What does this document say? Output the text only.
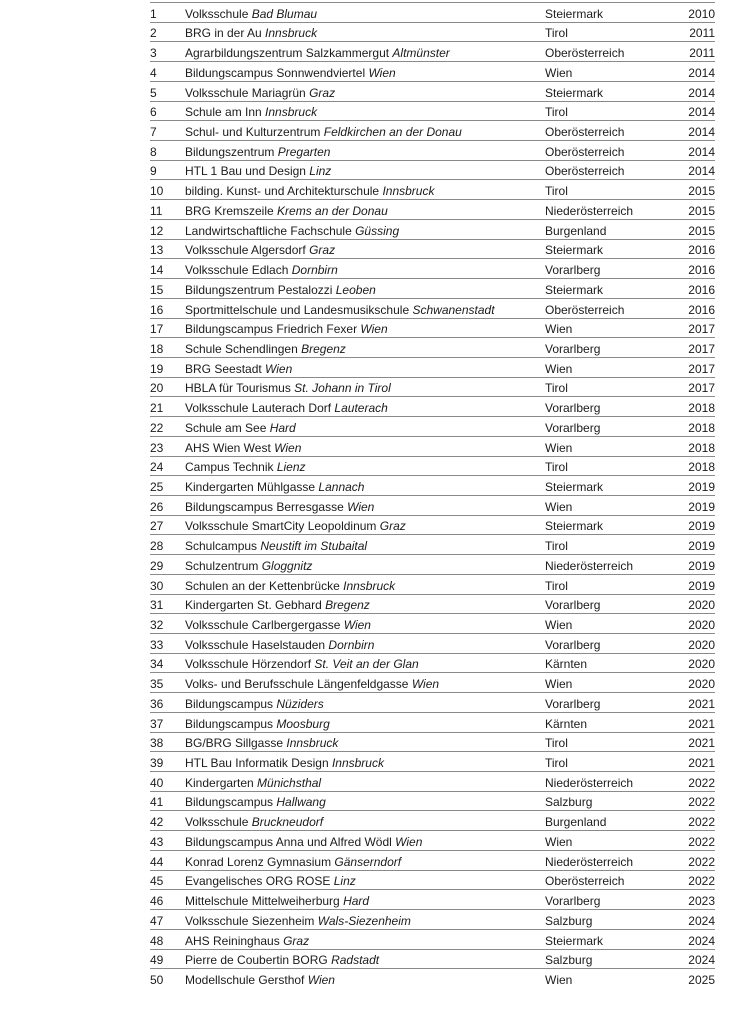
1	Volksschule Bad Blumau	Steiermark	2010
2	BRG in der Au Innsbruck	Tirol	2011
3	Agrarbildungszentrum Salzkammergut Altmünster	Oberösterreich	2011
4	Bildungscampus Sonnwendviertel Wien	Wien	2014
5	Volksschule Mariagrün Graz	Steiermark	2014
6	Schule am Inn Innsbruck	Tirol	2014
7	Schul- und Kulturzentrum Feldkirchen an der Donau	Oberösterreich	2014
8	Bildungszentrum Pregarten	Oberösterreich	2014
9	HTL 1 Bau und Design Linz	Oberösterreich	2014
10	bilding. Kunst- und Architekturschule Innsbruck	Tirol	2015
11	BRG Kremszeile Krems an der Donau	Niederösterreich	2015
12	Landwirtschaftliche Fachschule Güssing	Burgenland	2015
13	Volksschule Algersdorf Graz	Steiermark	2016
14	Volksschule Edlach Dornbirn	Vorarlberg	2016
15	Bildungszentrum Pestalozzi Leoben	Steiermark	2016
16	Sportmittelschule und Landesmusikschule Schwanenstadt	Oberösterreich	2016
17	Bildungscampus Friedrich Fexer Wien	Wien	2017
18	Schule Schendlingen Bregenz	Vorarlberg	2017
19	BRG Seestadt Wien	Wien	2017
20	HBLA für Tourismus St. Johann in Tirol	Tirol	2017
21	Volksschule Lauterach Dorf Lauterach	Vorarlberg	2018
22	Schule am See Hard	Vorarlberg	2018
23	AHS Wien West Wien	Wien	2018
24	Campus Technik Lienz	Tirol	2018
25	Kindergarten Mühlgasse Lannach	Steiermark	2019
26	Bildungscampus Berresgasse Wien	Wien	2019
27	Volksschule SmartCity Leopoldinum Graz	Steiermark	2019
28	Schulcampus Neustift im Stubaital	Tirol	2019
29	Schulzentrum Gloggnitz	Niederösterreich	2019
30	Schulen an der Kettenbrücke Innsbruck	Tirol	2019
31	Kindergarten St. Gebhard Bregenz	Vorarlberg	2020
32	Volksschule Carlbergergasse Wien	Wien	2020
33	Volksschule Haselstauden Dornbirn	Vorarlberg	2020
34	Volksschule Hörzendorf St. Veit an der Glan	Kärnten	2020
35	Volks- und Berufsschule Längenfeldgasse Wien	Wien	2020
36	Bildungscampus Nüziders	Vorarlberg	2021
37	Bildungscampus Moosburg	Kärnten	2021
38	BG/BRG Sillgasse Innsbruck	Tirol	2021
39	HTL Bau Informatik Design Innsbruck	Tirol	2021
40	Kindergarten Münichsthal	Niederösterreich	2022
41	Bildungscampus Hallwang	Salzburg	2022
42	Volksschule Bruckneudorf	Burgenland	2022
43	Bildungscampus Anna und Alfred Wödl Wien	Wien	2022
44	Konrad Lorenz Gymnasium Gänserndorf	Niederösterreich	2022
45	Evangelisches ORG ROSE Linz	Oberösterreich	2022
46	Mittelschule Mittelweiherburg Hard	Vorarlberg	2023
47	Volksschule Siezenheim Wals-Siezenheim	Salzburg	2024
48	AHS Reininghaus Graz	Steiermark	2024
49	Pierre de Coubertin BORG Radstadt	Salzburg	2024
50	Modellschule Gersthof Wien	Wien	2025
